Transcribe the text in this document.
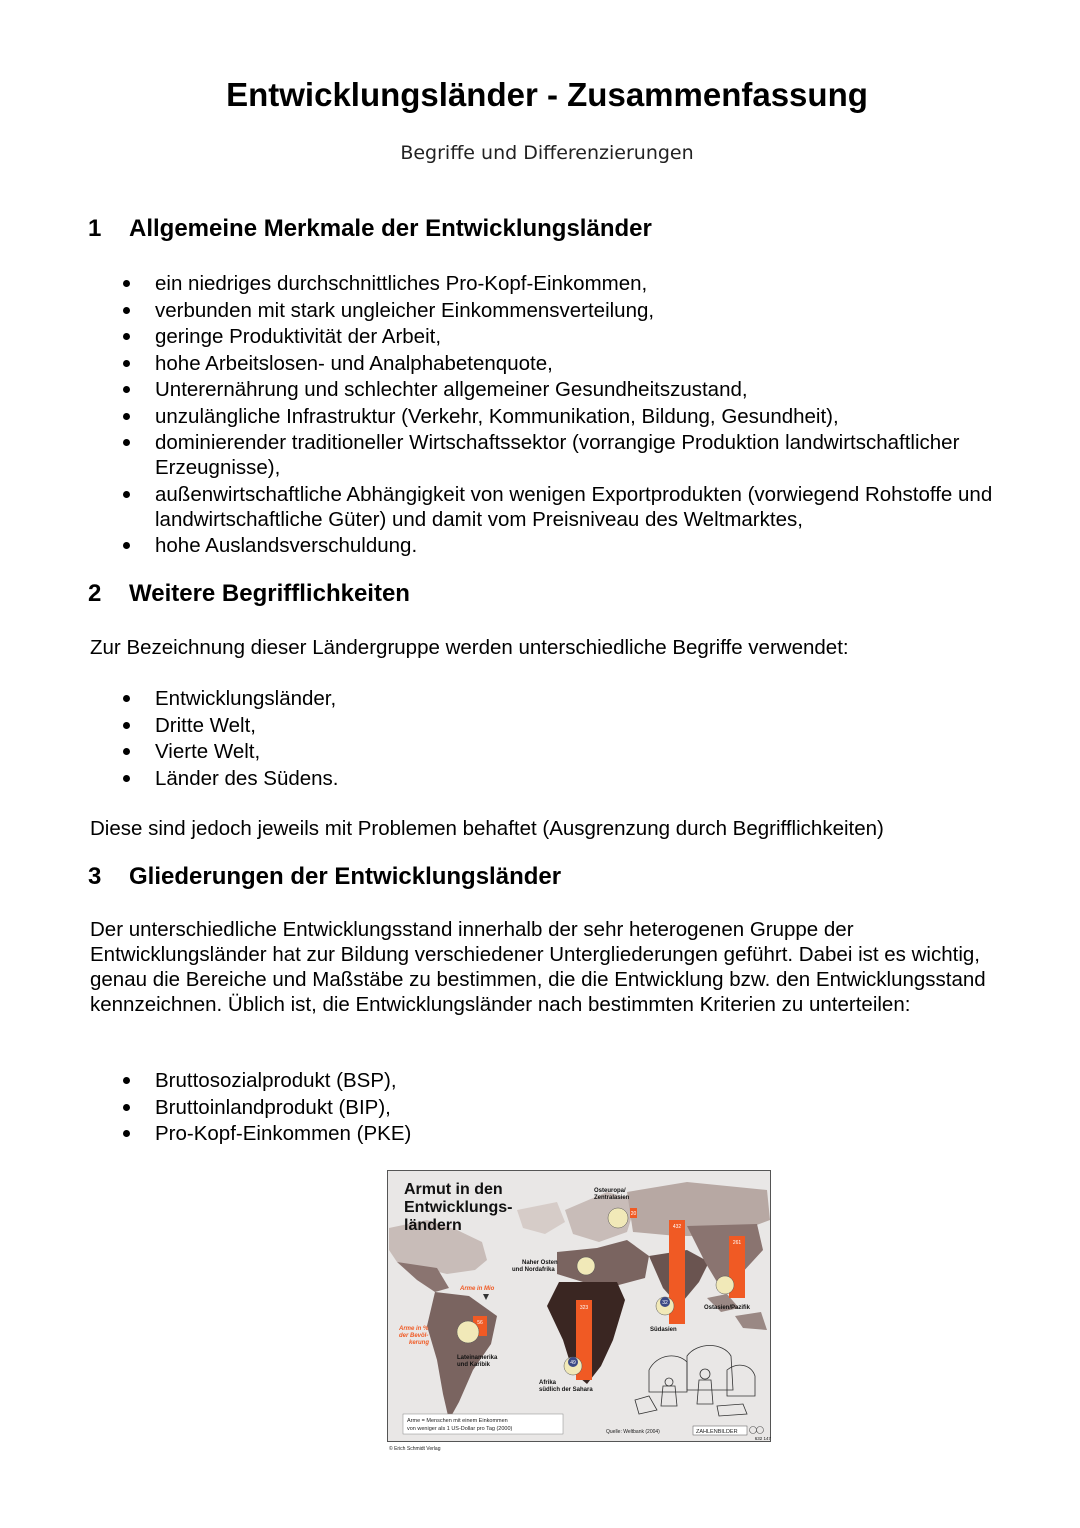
Entwicklungsländer - Zusammenfassung
Begriffe und Differenzierungen
1 Allgemeine Merkmale der Entwicklungsländer
ein niedriges durchschnittliches Pro-Kopf-Einkommen,
verbunden mit stark ungleicher Einkommensverteilung,
geringe Produktivität der Arbeit,
hohe Arbeitslosen- und Analphabetenquote,
Unterernährung und schlechter allgemeiner Gesundheitszustand,
unzulängliche Infrastruktur (Verkehr, Kommunikation, Bildung, Gesundheit),
dominierender traditioneller Wirtschaftssektor (vorrangige Produktion landwirtschaftlicher Erzeugnisse),
außenwirtschaftliche Abhängigkeit von wenigen Exportprodukten (vorwiegend Rohstoffe und landwirtschaftliche Güter) und damit vom Preisniveau des Weltmarktes,
hohe Auslandsverschuldung.
2 Weitere Begrifflichkeiten

Zur Bezeichnung dieser Ländergruppe werden unterschiedliche Begriffe verwendet:

Entwicklungsländer,
Dritte Welt,
Vierte Welt,
Länder des Südens.

Diese sind jedoch jeweils mit Problemen behaftet (Ausgrenzung durch Begrifflichkeiten)

3 Gliederungen der Entwicklungsländer

Der unterschiedliche Entwicklungsstand innerhalb der sehr heterogenen Gruppe der Entwicklungsländer hat zur Bildung verschiedener Untergliederungen geführt. Dabei ist es wichtig, genau die Bereiche und Maßstäbe zu bestimmen, die die Entwicklung bzw. den Entwicklungsstand kennzeichnen. Üblich ist, die Entwicklungsländer nach bestimmten Kriterien zu unterteilen:

Bruttosozialprodukt (BSP),
Bruttoinlandprodukt (BIP),
Pro-Kopf-Einkommen (PKE)
Armut in den
Entwicklungs-
ländern
Arme in Mio
Arme in %
der Bevöl-
kerung
Osteuropa/
Zentralasien
Naher Osten
und Nordafrika
Lateinamerika
und Karibik
Afrika
südlich der Sahara
Südasien
Ostasien/Pazifik
20
56
323
432
261
49
32
Arme = Menschen mit einem Einkommen
von weniger als 1 US-Dollar pro Tag (2000)	Quelle: Weltbank (2004)	ZAHLENBILDER
632 147
© Erich Schmidt Verlag
